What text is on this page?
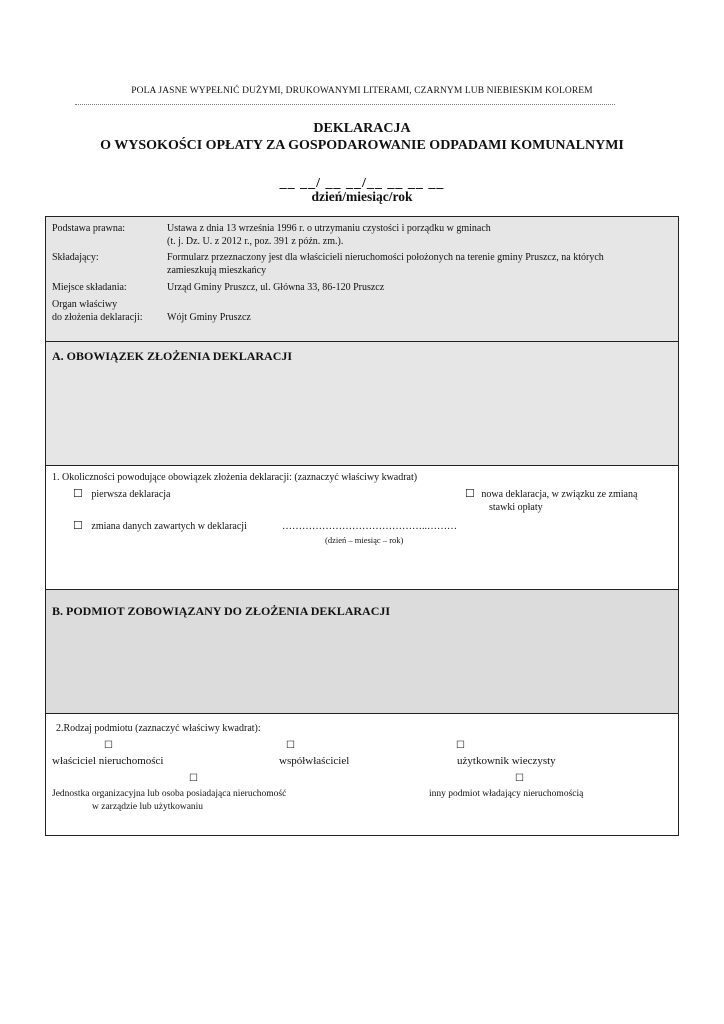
POLA JASNE WYPEŁNIĆ DUŻYMI, DRUKOWANYMI LITERAMI, CZARNYM LUB NIEBIESKIM KOLOREM
DEKLARACJA
O WYSOKOŚCI OPŁATY ZA GOSPODAROWANIE ODPADAMI KOMUNALNYMI
__ __/ __ __/__ __ __ __
dzień/miesiąc/rok
Podstawa prawna:	Ustawa z dnia 13 września 1996 r. o utrzymaniu czystości i porządku w gminach
(t. j. Dz. U. z 2012 r., poz. 391 z późn. zm.).
Składający:	Formularz przeznaczony jest dla właścicieli nieruchomości położonych na terenie gminy Pruszcz, na których
zamieszkują mieszkańcy
Miejsce składania:	Urząd Gminy Pruszcz, ul. Główna 33, 86-120 Pruszcz
Organ właściwy
do złożenia deklaracji: Wójt Gminy Pruszcz
A. OBOWIĄZEK ZŁOŻENIA DEKLARACJI
1. Okoliczności powodujące obowiązek złożenia deklaracji: (zaznaczyć właściwy kwadrat)
☐ pierwsza deklaracja	☐ nowa deklaracja, w związku ze zmianą
stawki opłaty
☐ zmiana danych zawartych w deklaracji	……………………………………..………
(dzień – miesiąc – rok)
B. PODMIOT ZOBOWIĄZANY DO ZŁOŻENIA DEKLARACJI
2.Rodzaj podmiotu (zaznaczyć właściwy kwadrat):
☐
właściciel nieruchomości
☐
współwłaściciel
☐
użytkownik wieczysty
☐
Jednostka organizacyjna lub osoba posiadająca nieruchomość
w zarządzie lub użytkowaniu
☐
inny podmiot władający nieruchomością
